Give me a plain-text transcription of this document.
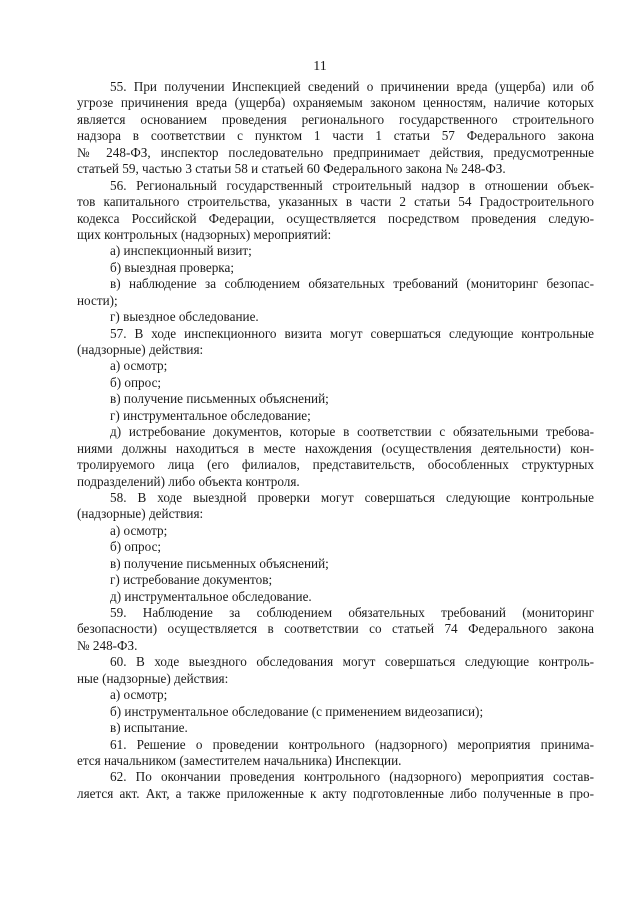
11
55. При получении Инспекцией сведений о причинении вреда (ущерба) или об
угрозе причинения вреда (ущерба) охраняемым законом ценностям, наличие которых
является основанием проведения регионального государственного строительного
надзора в соответствии с пунктом 1 части 1 статьи 57 Федерального закона
№ 248-ФЗ, инспектор последовательно предпринимает действия, предусмотренные
статьей 59, частью 3 статьи 58 и статьей 60 Федерального закона № 248-ФЗ.
56. Региональный государственный строительный надзор в отношении объек-
тов капитального строительства, указанных в части 2 статьи 54 Градостроительного
кодекса Российской Федерации, осуществляется посредством проведения следую-
щих контрольных (надзорных) мероприятий:
а) инспекционный визит;
б) выездная проверка;
в) наблюдение за соблюдением обязательных требований (мониторинг безопас-
ности);
г) выездное обследование.
57. В ходе инспекционного визита могут совершаться следующие контрольные
(надзорные) действия:
а) осмотр;
б) опрос;
в) получение письменных объяснений;
г) инструментальное обследование;
д) истребование документов, которые в соответствии с обязательными требова-
ниями должны находиться в месте нахождения (осуществления деятельности) кон-
тролируемого лица (его филиалов, представительств, обособленных структурных
подразделений) либо объекта контроля.
58. В ходе выездной проверки могут совершаться следующие контрольные
(надзорные) действия:
а) осмотр;
б) опрос;
в) получение письменных объяснений;
г) истребование документов;
д) инструментальное обследование.
59. Наблюдение за соблюдением обязательных требований (мониторинг
безопасности) осуществляется в соответствии со статьей 74 Федерального закона
№ 248-ФЗ.
60. В ходе выездного обследования могут совершаться следующие контроль-
ные (надзорные) действия:
а) осмотр;
б) инструментальное обследование (с применением видеозаписи);
в) испытание.
61. Решение о проведении контрольного (надзорного) мероприятия принима-
ется начальником (заместителем начальника) Инспекции.
62. По окончании проведения контрольного (надзорного) мероприятия состав-
ляется акт. Акт, а также приложенные к акту подготовленные либо полученные в про-
